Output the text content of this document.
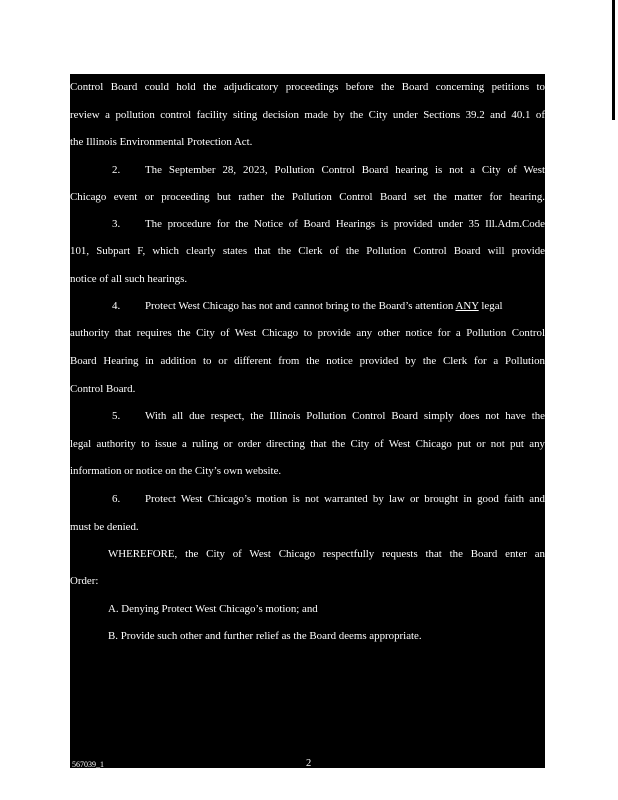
Control Board could hold the adjudicatory proceedings before the Board concerning petitions to
review a pollution control facility siting decision made by the City under Sections 39.2 and 40.1 of
the Illinois Environmental Protection Act.
2. The September 28, 2023, Pollution Control Board hearing is not a City of West
Chicago event or proceeding but rather the Pollution Control Board set the matter for hearing.
3. The procedure for the Notice of Board Hearings is provided under 35 Ill.Adm.Code
101, Subpart F, which clearly states that the Clerk of the Pollution Control Board will provide
notice of all such hearings.
4. Protect West Chicago has not and cannot bring to the Board’s attention ANY legal
authority that requires the City of West Chicago to provide any other notice for a Pollution Control
Board Hearing in addition to or different from the notice provided by the Clerk for a Pollution
Control Board.
5. With all due respect, the Illinois Pollution Control Board simply does not have the
legal authority to issue a ruling or order directing that the City of West Chicago put or not put any
information or notice on the City’s own website.
6. Protect West Chicago’s motion is not warranted by law or brought in good faith and
must be denied.
WHEREFORE, the City of West Chicago respectfully requests that the Board enter an
Order:
A. Denying Protect West Chicago’s motion; and
B. Provide such other and further relief as the Board deems appropriate.
567039_1	2
